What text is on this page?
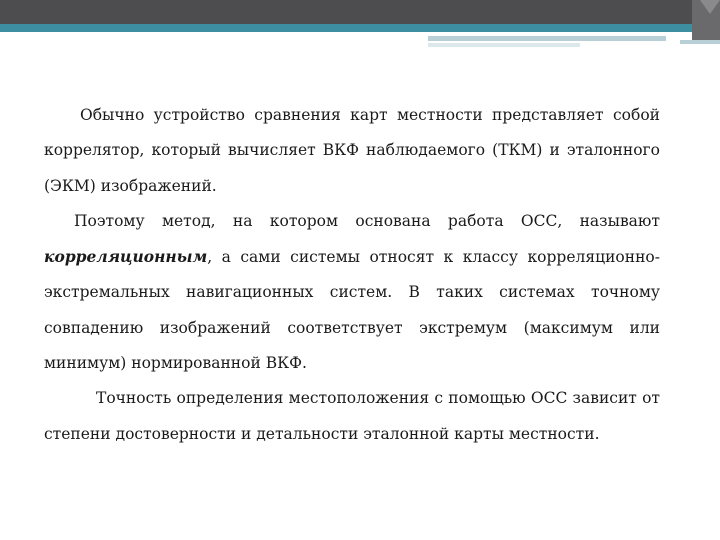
Обычно устройство сравнения карт местности представляет собой коррелятор, который вычисляет ВКФ наблюдаемого (ТКМ) и эталонного (ЭКМ) изображений.

Поэтому метод, на котором основана работа ОСС, называют корреляционным, а сами системы относят к классу корреляционно-экстремальных навигационных систем. В таких системах точному совпадению изображений соответствует экстремум (максимум или минимум) нормированной ВКФ.

Точность определения местоположения с помощью ОСС зависит от степени достоверности и детальности эталонной карты местности.
